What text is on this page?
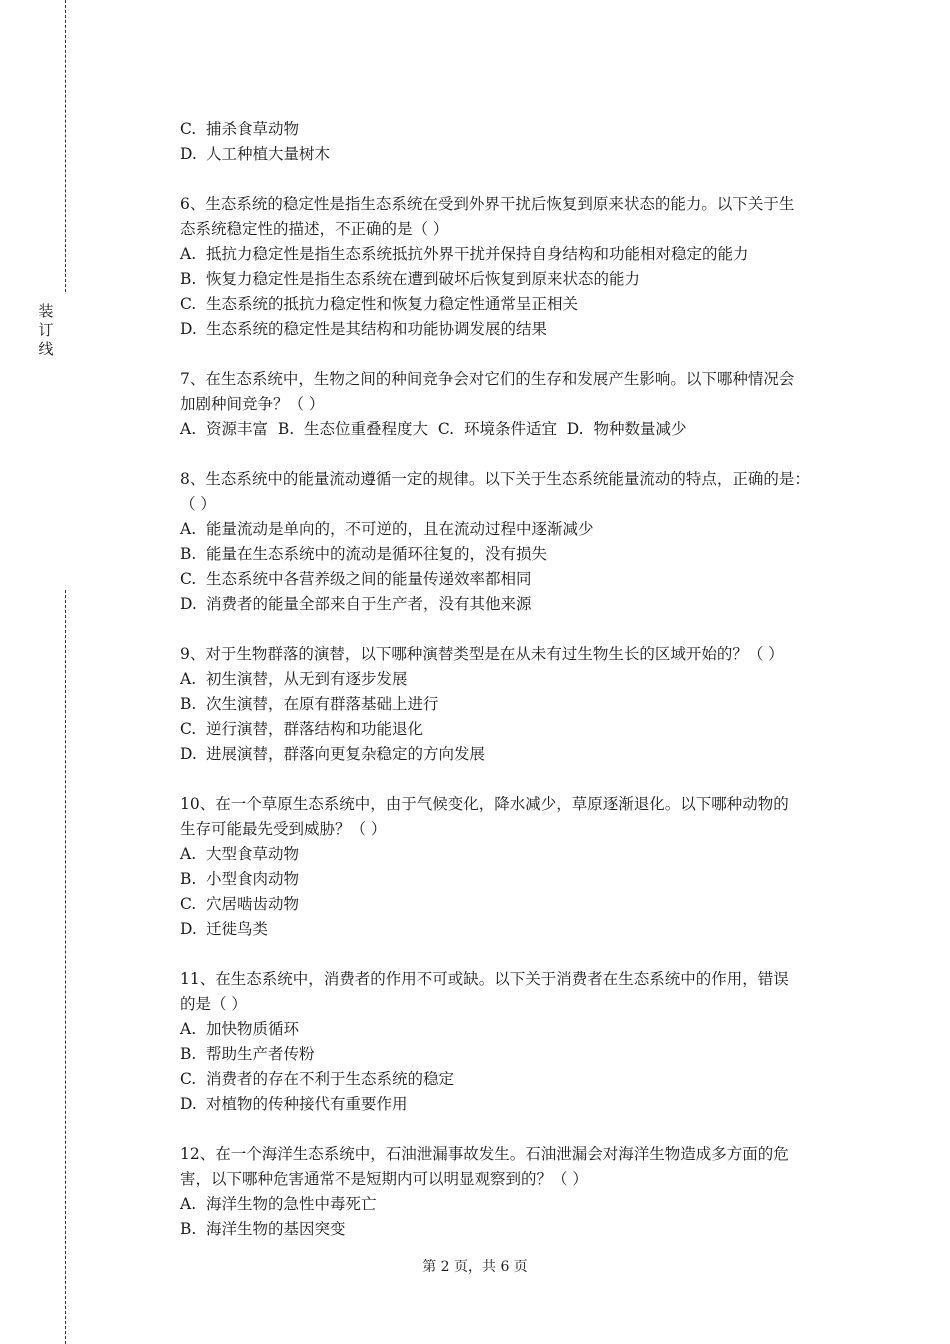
装
订
线
C. 捕杀食草动物
D. 人工种植大量树木
6、生态系统的稳定性是指生态系统在受到外界干扰后恢复到原来状态的能力。以下关于生
态系统稳定性的描述，不正确的是（ ）
A. 抵抗力稳定性是指生态系统抵抗外界干扰并保持自身结构和功能相对稳定的能力
B. 恢复力稳定性是指生态系统在遭到破坏后恢复到原来状态的能力
C. 生态系统的抵抗力稳定性和恢复力稳定性通常呈正相关
D. 生态系统的稳定性是其结构和功能协调发展的结果
7、在生态系统中，生物之间的种间竞争会对它们的生存和发展产生影响。以下哪种情况会
加剧种间竞争？（ ）
A.  资源丰富  B.  生态位重叠程度大  C.  环境条件适宜  D.  物种数量减少
8、生态系统中的能量流动遵循一定的规律。以下关于生态系统能量流动的特点，正确的是：
（ ）
A. 能量流动是单向的，不可逆的，且在流动过程中逐渐减少
B. 能量在生态系统中的流动是循环往复的，没有损失
C. 生态系统中各营养级之间的能量传递效率都相同
D. 消费者的能量全部来自于生产者，没有其他来源
9、对于生物群落的演替，以下哪种演替类型是在从未有过生物生长的区域开始的？（ ）
A. 初生演替，从无到有逐步发展
B. 次生演替，在原有群落基础上进行
C. 逆行演替，群落结构和功能退化
D. 进展演替，群落向更复杂稳定的方向发展
10、在一个草原生态系统中，由于气候变化，降水减少，草原逐渐退化。以下哪种动物的
生存可能最先受到威胁？（ ）
A. 大型食草动物
B. 小型食肉动物
C. 穴居啮齿动物
D. 迁徙鸟类
11、在生态系统中，消费者的作用不可或缺。以下关于消费者在生态系统中的作用，错误
的是（ ）
A. 加快物质循环
B. 帮助生产者传粉
C. 消费者的存在不利于生态系统的稳定
D. 对植物的传种接代有重要作用
12、在一个海洋生态系统中，石油泄漏事故发生。石油泄漏会对海洋生物造成多方面的危
害，以下哪种危害通常不是短期内可以明显观察到的？（ ）
A. 海洋生物的急性中毒死亡
B. 海洋生物的基因突变
第 2 页，共 6 页
